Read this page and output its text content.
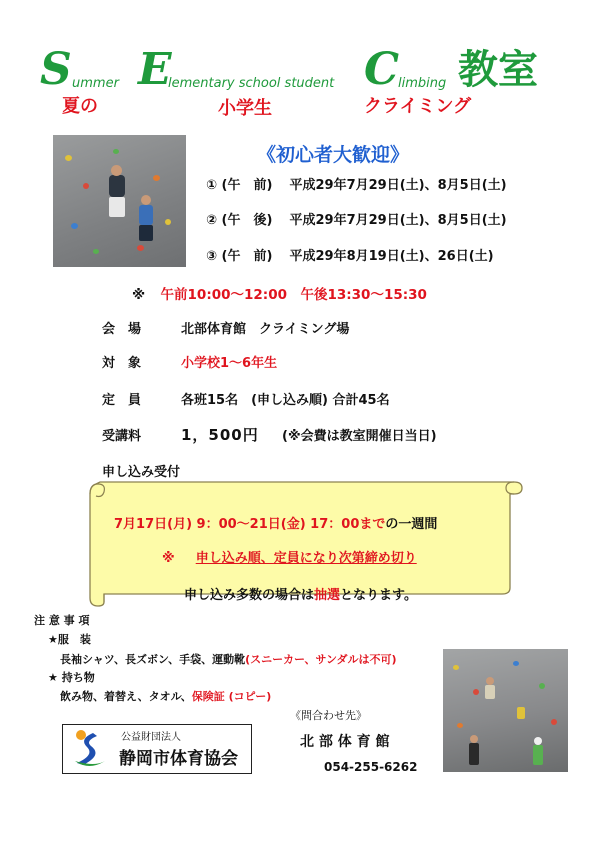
S ummer E
lementary school student C
limbing 教室
夏の	小学生	クライミング
《初心者大歓迎》
① (午　前) 平成29年7月29日(土)、8月5日(土)
② (午　後) 平成29年7月29日(土)、8月5日(土)
③ (午　前) 平成29年8月19日(土)、26日(土)
※ 午前10:00〜12:00　午後13:30〜15:30
会　場	北部体育館　クライミング場
対　象	小学校1〜6年生
定　員	各班15名　(申し込み順) 合計45名
受講料	1，500円 (※会費は教室開催日当日)
申し込み受付
7月17日(月) 9：00〜21日(金) 17：00までの一週間
※ 申し込み順、定員になり次第締め切り
申し込み多数の場合は抽選となります。
注 意 事 項
★服　装
長袖シャツ、長ズボン、手袋、運動靴(スニーカー、サンダルは不可)
★ 持ち物
飲み物、着替え、タオル、保険証 (コピー)
《問合わせ先》
北 部 体 育 館
054-255-6262
公益財団法人
静岡市体育協会
